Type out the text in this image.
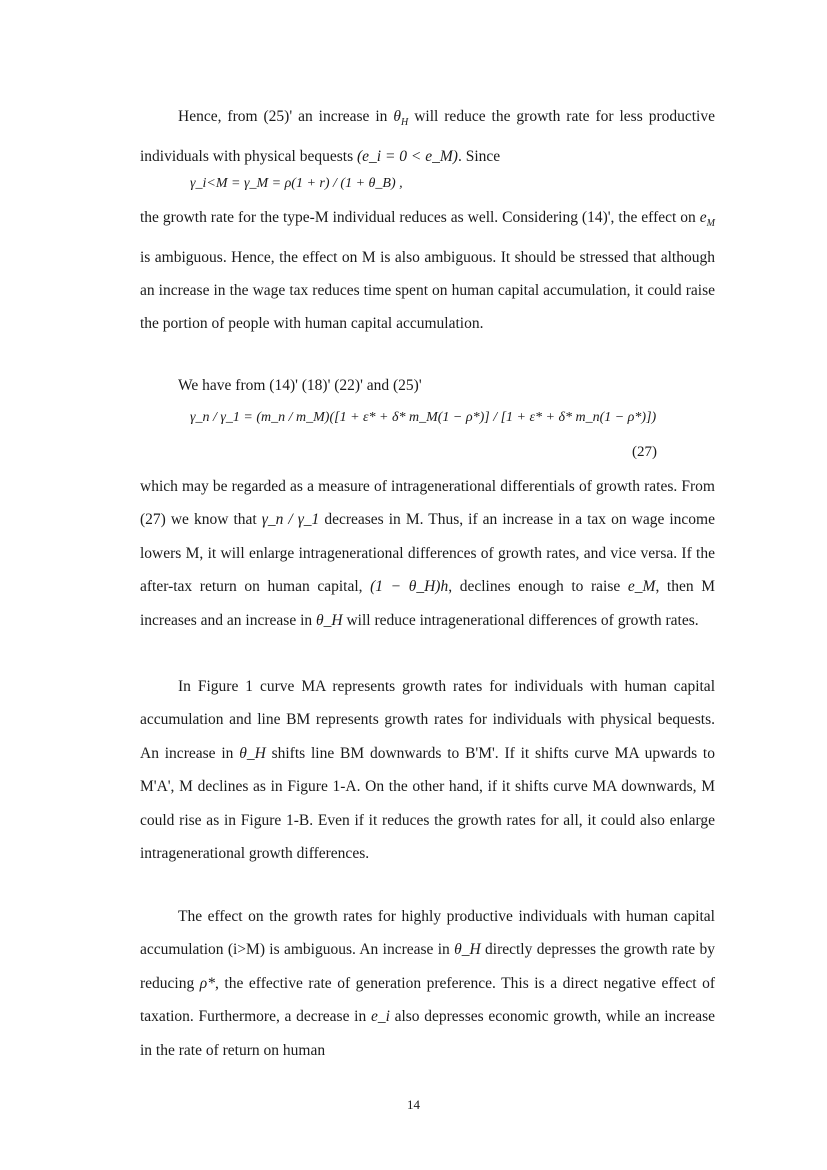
Hence, from (25)' an increase in $\theta_H$ will reduce the growth rate for less productive individuals with physical bequests (e_i = 0 < e_M). Since

γ_i<M = γ_M = ρ(1 + r) / (1 + θ_B) ,

the growth rate for the type-M individual reduces as well. Considering (14)', the effect on $e_M$ is ambiguous. Hence, the effect on M is also ambiguous. It should be stressed that although an increase in the wage tax reduces time spent on human capital accumulation, it could raise the portion of people with human capital accumulation.

We have from (14)' (18)' (22)' and (25)'

γ_n / γ_1 = (m_n / m_M)([1 + ε* + δ* m_M(1 − ρ*)] / [1 + ε* + δ* m_n(1 − ρ*)])
(27)

which may be regarded as a measure of intragenerational differentials of growth rates. From (27) we know that γ_n / γ_1 decreases in M. Thus, if an increase in a tax on wage income lowers M, it will enlarge intragenerational differences of growth rates, and vice versa. If the after-tax return on human capital, (1 − θ_H)h, declines enough to raise e_M, then M increases and an increase in θ_H will reduce intragenerational differences of growth rates.

In Figure 1 curve MA represents growth rates for individuals with human capital accumulation and line BM represents growth rates for individuals with physical bequests. An increase in θ_H shifts line BM downwards to B'M'. If it shifts curve MA upwards to M'A', M declines as in Figure 1-A. On the other hand, if it shifts curve MA downwards, M could rise as in Figure 1-B. Even if it reduces the growth rates for all, it could also enlarge intragenerational growth differences.

The effect on the growth rates for highly productive individuals with human capital accumulation (i>M) is ambiguous. An increase in θ_H directly depresses the growth rate by reducing ρ*, the effective rate of generation preference. This is a direct negative effect of taxation. Furthermore, a decrease in e_i also depresses economic growth, while an increase in the rate of return on human

14
